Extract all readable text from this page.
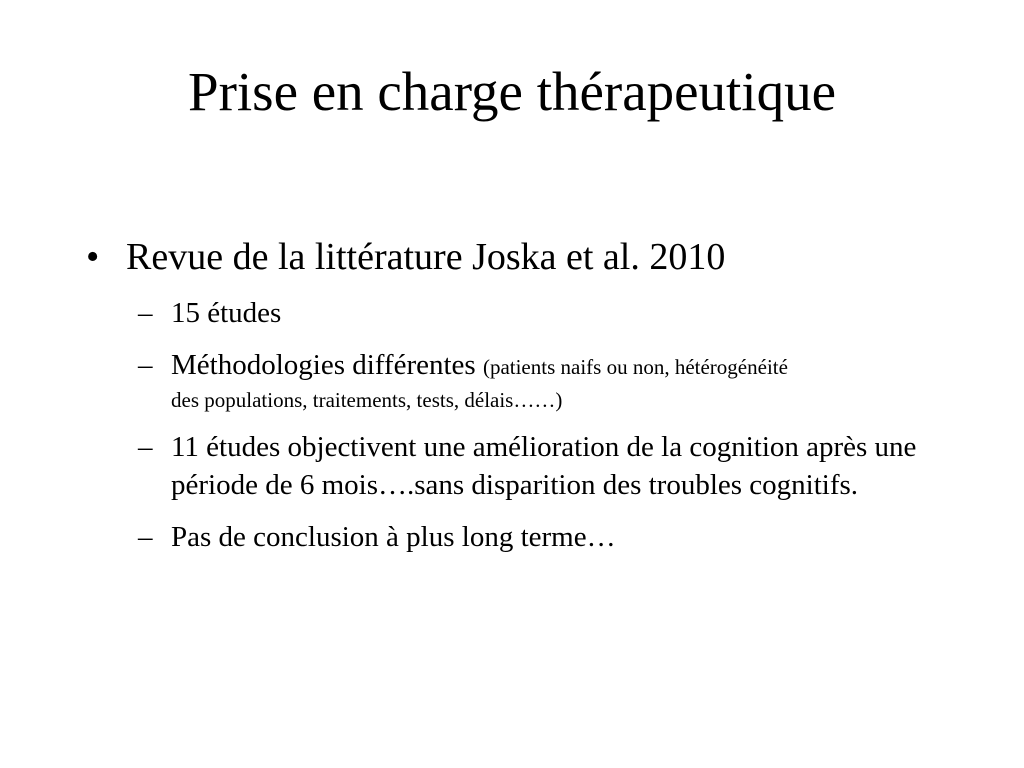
Prise en charge thérapeutique
• Revue de la littérature Joska et al. 2010
– 15 études
– Méthodologies différentes (patients naifs ou non, hétérogénéité
des populations, traitements, tests, délais……)
– 11 études objectivent une amélioration de la cognition après une période de 6 mois….sans disparition des troubles cognitifs.
– Pas de conclusion à plus long terme…
